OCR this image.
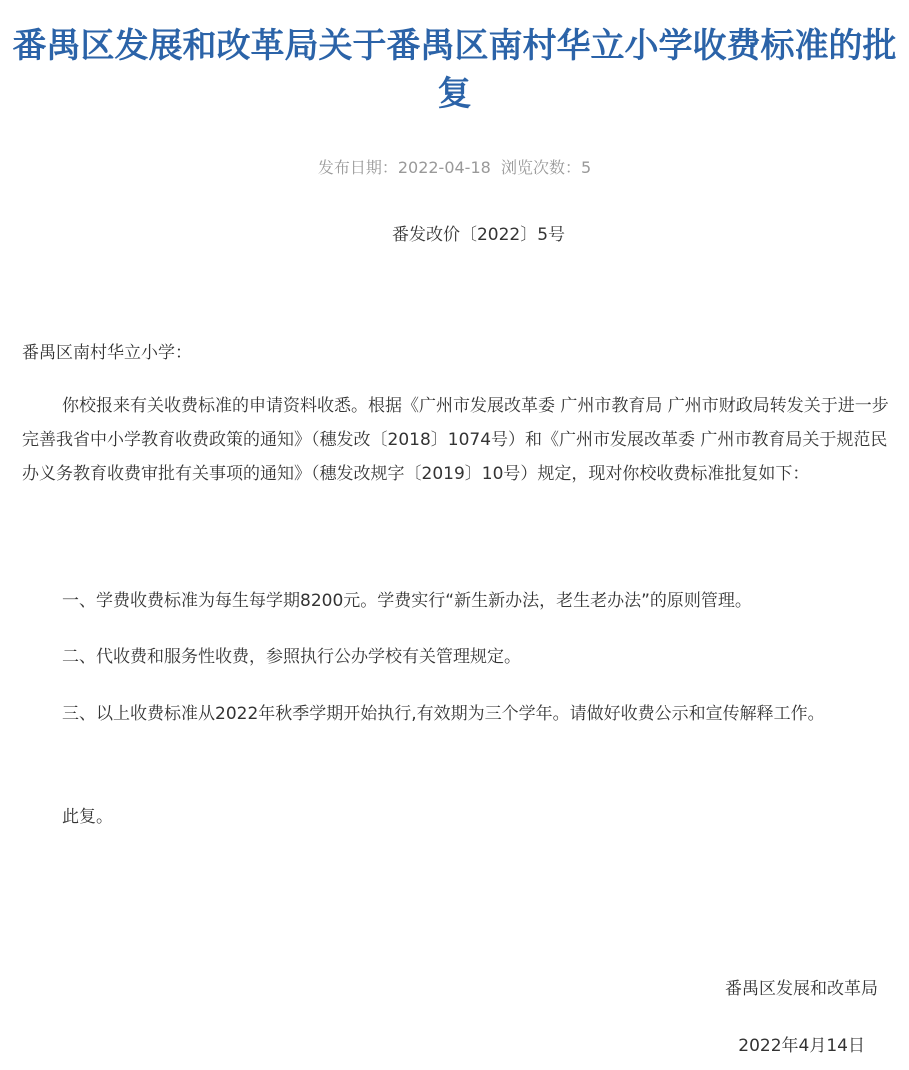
番禺区发展和改革局关于番禺区南村华立小学收费标准的批复
发布日期：2022-04-18 浏览次数：5
番发改价〔2022〕5号

番禺区南村华立小学：

你校报来有关收费标准的申请资料收悉。根据《广州市发展改革委 广州市教育局 广州市财政局转发关于进一步完善我省中小学教育收费政策的通知》（穗发改〔2018〕1074号）和《广州市发展改革委 广州市教育局关于规范民办义务教育收费审批有关事项的通知》（穗发改规字〔2019〕10号）规定，现对你校收费标准批复如下：

一、学费收费标准为每生每学期8200元。学费实行“新生新办法，老生老办法”的原则管理。

二、代收费和服务性收费，参照执行公办学校有关管理规定。

三、以上收费标准从2022年秋季学期开始执行,有效期为三个学年。请做好收费公示和宣传解释工作。

此复。

番禺区发展和改革局
2022年4月14日
